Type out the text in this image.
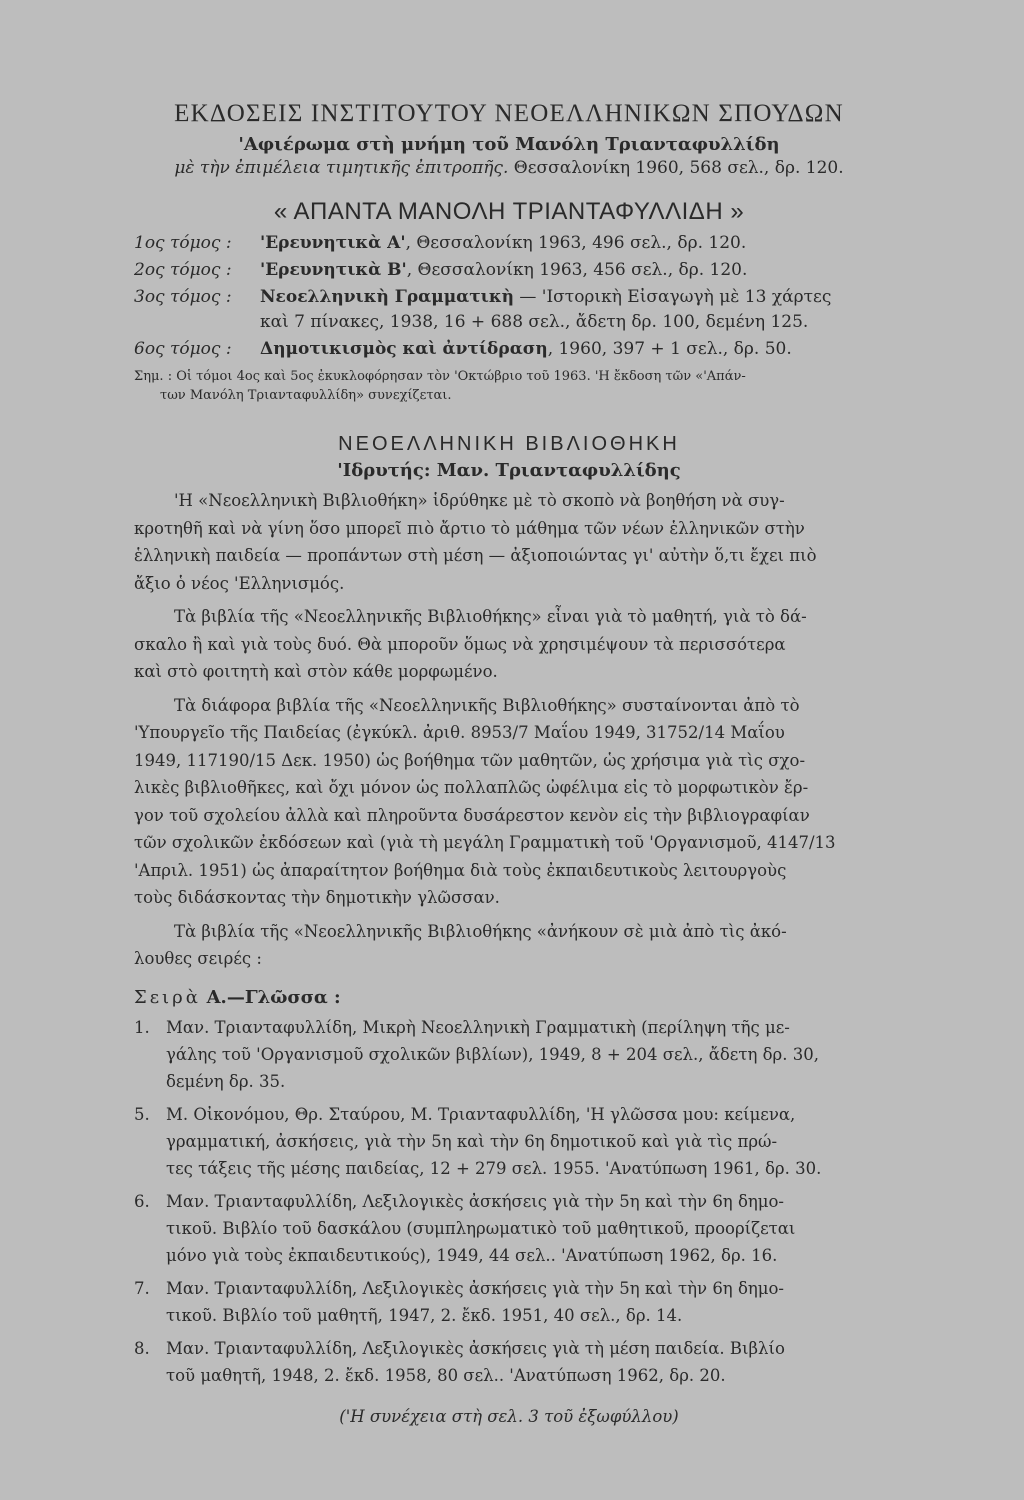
ΕΚΔΟΣΕΙΣ ΙΝΣΤΙΤΟΥΤΟΥ ΝΕΟΕΛΛΗΝΙΚΩΝ ΣΠΟΥΔΩΝ
'Αφιέρωμα στὴ μνήμη τοῦ Μανόλη Τριανταφυλλίδη
μὲ τὴν ἐπιμέλεια τιμητικῆς ἐπιτροπῆς. Θεσσαλονίκη 1960, 568 σελ., δρ. 120.
« ΑΠΑΝΤΑ ΜΑΝΟΛΗ ΤΡΙΑΝΤΑΦΥΛΛΙΔΗ »
1ος τόμος : 'Ερευνητικὰ Α', Θεσσαλονίκη 1963, 496 σελ., δρ. 120.
2ος τόμος : 'Ερευνητικὰ Β', Θεσσαλονίκη 1963, 456 σελ., δρ. 120.
3ος τόμος : Νεοελληνικὴ Γραμματικὴ — 'Ιστορικὴ Εἰσαγωγὴ μὲ 13 χάρτες
καὶ 7 πίνακες, 1938, 16 + 688 σελ., ἄδετη δρ. 100, δεμένη 125.
6ος τόμος : Δημοτικισμὸς καὶ ἀντίδραση, 1960, 397 + 1 σελ., δρ. 50.
Σημ. : Οἱ τόμοι 4ος καὶ 5ος ἐκυκλοφόρησαν τὸν 'Οκτώβριο τοῦ 1963. 'Η ἔκδοση τῶν «'Απάν-
των Μανόλη Τριανταφυλλίδη» συνεχίζεται.
ΝΕΟΕΛΛΗΝΙΚΗ ΒΙΒΛΙΟΘΗΚΗ
'Ιδρυτής: Μαν. Τριανταφυλλίδης
'Η «Νεοελληνικὴ Βιβλιοθήκη» ἱδρύθηκε μὲ τὸ σκοπὸ νὰ βοηθήση νὰ συγ-
κροτηθῆ καὶ νὰ γίνη ὅσο μπορεῖ πιὸ ἄρτιο τὸ μάθημα τῶν νέων ἑλληνικῶν στὴν
ἑλληνικὴ παιδεία — προπάντων στὴ μέση — ἀξιοποιώντας γι' αὐτὴν ὅ,τι ἔχει πιὸ
ἄξιο ὁ νέος 'Ελληνισμός.
Τὰ βιβλία τῆς «Νεοελληνικῆς Βιβλιοθήκης» εἶναι γιὰ τὸ μαθητή, γιὰ τὸ δά-
σκαλο ἢ καὶ γιὰ τοὺς δυό. Θὰ μποροῦν ὅμως νὰ χρησιμέψουν τὰ περισσότερα
καὶ στὸ φοιτητὴ καὶ στὸν κάθε μορφωμένο.
Τὰ διάφορα βιβλία τῆς «Νεοελληνικῆς Βιβλιοθήκης» συσταίνονται ἀπὸ τὸ
'Υπουργεῖο τῆς Παιδείας (ἐγκύκλ. ἀριθ. 8953/7 Μαΐου 1949, 31752/14 Μαΐου
1949, 117190/15 Δεκ. 1950) ὡς βοήθημα τῶν μαθητῶν, ὡς χρήσιμα γιὰ τὶς σχο-
λικὲς βιβλιοθῆκες, καὶ ὄχι μόνον ὡς πολλαπλῶς ὠφέλιμα εἰς τὸ μορφωτικὸν ἔρ-
γον τοῦ σχολείου ἀλλὰ καὶ πληροῦντα δυσάρεστον κενὸν εἰς τὴν βιβλιογραφίαν
τῶν σχολικῶν ἐκδόσεων καὶ (γιὰ τὴ μεγάλη Γραμματικὴ τοῦ 'Οργανισμοῦ, 4147/13
'Απριλ. 1951) ὡς ἀπαραίτητον βοήθημα διὰ τοὺς ἐκπαιδευτικοὺς λειτουργοὺς
τοὺς διδάσκοντας τὴν δημοτικὴν γλῶσσαν.
Τὰ βιβλία τῆς «Νεοελληνικῆς Βιβλιοθήκης «ἀνήκουν σὲ μιὰ ἀπὸ τὶς ἀκό-
λουθες σειρές :
Σειρὰ Α.—Γλῶσσα :
1. Μαν. Τριανταφυλλίδη, Μικρὴ Νεοελληνικὴ Γραμματικὴ (περίληψη τῆς με-
γάλης τοῦ 'Οργανισμοῦ σχολικῶν βιβλίων), 1949, 8 + 204 σελ., ἄδετη δρ. 30,
δεμένη δρ. 35.
5. Μ. Οἰκονόμου, Θρ. Σταύρου, Μ. Τριανταφυλλίδη, 'Η γλῶσσα μου: κείμενα,
γραμματική, ἀσκήσεις, γιὰ τὴν 5η καὶ τὴν 6η δημοτικοῦ καὶ γιὰ τὶς πρώ-
τες τάξεις τῆς μέσης παιδείας, 12 + 279 σελ. 1955. 'Ανατύπωση 1961, δρ. 30.
6. Μαν. Τριανταφυλλίδη, Λεξιλογικὲς ἀσκήσεις γιὰ τὴν 5η καὶ τὴν 6η δημο-
τικοῦ. Βιβλίο τοῦ δασκάλου (συμπληρωματικὸ τοῦ μαθητικοῦ, προορίζεται
μόνο γιὰ τοὺς ἐκπαιδευτικούς), 1949, 44 σελ.. 'Ανατύπωση 1962, δρ. 16.
7. Μαν. Τριανταφυλλίδη, Λεξιλογικὲς ἀσκήσεις γιὰ τὴν 5η καὶ τὴν 6η δημο-
τικοῦ. Βιβλίο τοῦ μαθητῆ, 1947, 2. ἔκδ. 1951, 40 σελ., δρ. 14.
8. Μαν. Τριανταφυλλίδη, Λεξιλογικὲς ἀσκήσεις γιὰ τὴ μέση παιδεία. Βιβλίο
τοῦ μαθητῆ, 1948, 2. ἔκδ. 1958, 80 σελ.. 'Ανατύπωση 1962, δρ. 20.
('Η συνέχεια στὴ σελ. 3 τοῦ ἐξωφύλλου)
